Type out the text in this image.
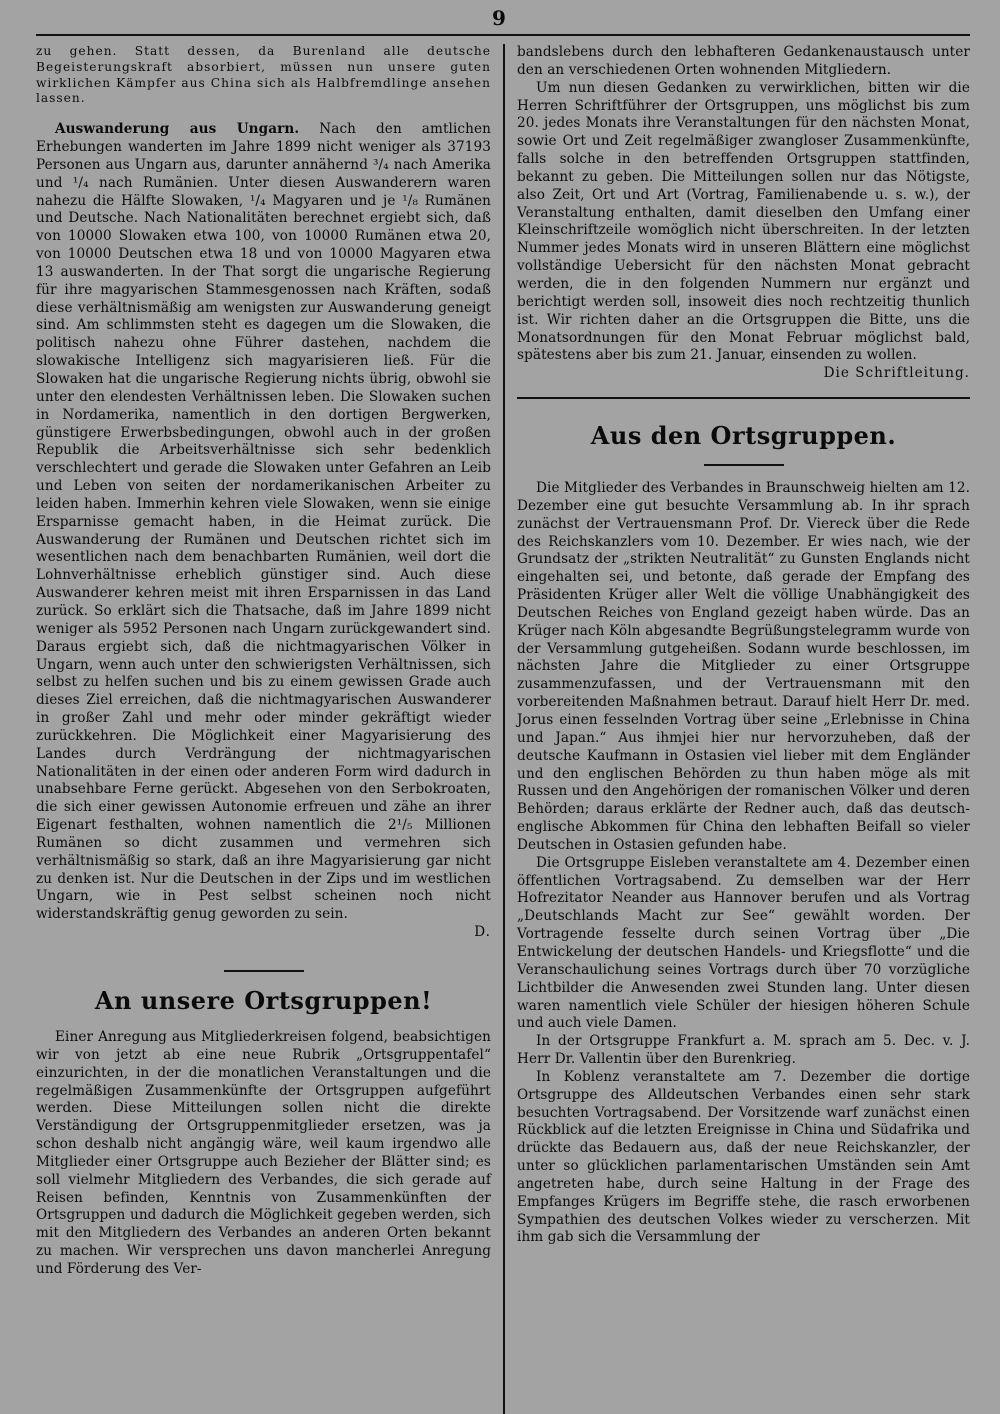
9

zu gehen. Statt dessen, da Burenland alle deutsche Begeisterungskraft absorbiert, müssen nun unsere guten wirklichen Kämpfer aus China sich als Halbfremdlinge ansehen lassen.

Auswanderung aus Ungarn. Nach den amtlichen Erhebungen wanderten im Jahre 1899 nicht weniger als 37193 Personen aus Ungarn aus, darunter annähernd ³/₄ nach Amerika und ¹/₄ nach Rumänien. Unter diesen Auswanderern waren nahezu die Hälfte Slowaken, ¹/₄ Magyaren und je ¹/₈ Rumänen und Deutsche. Nach Nationalitäten berechnet ergiebt sich, daß von 10000 Slowaken etwa 100, von 10000 Rumänen etwa 20, von 10000 Deutschen etwa 18 und von 10000 Magyaren etwa 13 auswanderten. In der That sorgt die ungarische Regierung für ihre magyarischen Stammesgenossen nach Kräften, sodaß diese verhältnismäßig am wenigsten zur Auswanderung geneigt sind. Am schlimmsten steht es dagegen um die Slowaken, die politisch nahezu ohne Führer dastehen, nachdem die slowakische Intelligenz sich magyarisieren ließ. Für die Slowaken hat die ungarische Regierung nichts übrig, obwohl sie unter den elendesten Verhältnissen leben. Die Slowaken suchen in Nordamerika, namentlich in den dortigen Bergwerken, günstigere Erwerbsbedingungen, obwohl auch in der großen Republik die Arbeitsverhältnisse sich sehr bedenklich verschlechtert und gerade die Slowaken unter Gefahren an Leib und Leben von seiten der nordamerikanischen Arbeiter zu leiden haben. Immerhin kehren viele Slowaken, wenn sie einige Ersparnisse gemacht haben, in die Heimat zurück. Die Auswanderung der Rumänen und Deutschen richtet sich im wesentlichen nach dem benachbarten Rumänien, weil dort die Lohnverhältnisse erheblich günstiger sind. Auch diese Auswanderer kehren meist mit ihren Ersparnissen in das Land zurück. So erklärt sich die Thatsache, daß im Jahre 1899 nicht weniger als 5952 Personen nach Ungarn zurückgewandert sind. Daraus ergiebt sich, daß die nichtmagyarischen Völker in Ungarn, wenn auch unter den schwierigsten Verhältnissen, sich selbst zu helfen suchen und bis zu einem gewissen Grade auch dieses Ziel erreichen, daß die nichtmagyarischen Auswanderer in großer Zahl und mehr oder minder gekräftigt wieder zurückkehren. Die Möglichkeit einer Magyarisierung des Landes durch Verdrängung der nichtmagyarischen Nationalitäten in der einen oder anderen Form wird dadurch in unabsehbare Ferne gerückt. Abgesehen von den Serbokroaten, die sich einer gewissen Autonomie erfreuen und zähe an ihrer Eigenart festhalten, wohnen namentlich die 2¹/₅ Millionen Rumänen so dicht zusammen und vermehren sich verhältnismäßig so stark, daß an ihre Magyarisierung gar nicht zu denken ist. Nur die Deutschen in der Zips und im westlichen Ungarn, wie in Pest selbst scheinen noch nicht widerstandskräftig genug geworden zu sein.

D.
An unsere Ortsgruppen!

Einer Anregung aus Mitgliederkreisen folgend, beabsichtigen wir von jetzt ab eine neue Rubrik „Ortsgruppentafel“ einzurichten, in der die monatlichen Veranstaltungen und die regelmäßigen Zusammenkünfte der Ortsgruppen aufgeführt werden. Diese Mitteilungen sollen nicht die direkte Verständigung der Ortsgruppenmitglieder ersetzen, was ja schon deshalb nicht angängig wäre, weil kaum irgendwo alle Mitglieder einer Ortsgruppe auch Bezieher der Blätter sind; es soll vielmehr Mitgliedern des Verbandes, die sich gerade auf Reisen befinden, Kenntnis von Zusammenkünften der Ortsgruppen und dadurch die Möglichkeit gegeben werden, sich mit den Mitgliedern des Verbandes an anderen Orten bekannt zu machen. Wir versprechen uns davon mancherlei Anregung und Förderung des Ver-

bandslebens durch den lebhafteren Gedankenaustausch unter den an verschiedenen Orten wohnenden Mitgliedern.

Um nun diesen Gedanken zu verwirklichen, bitten wir die Herren Schriftführer der Ortsgruppen, uns möglichst bis zum 20. jedes Monats ihre Veranstaltungen für den nächsten Monat, sowie Ort und Zeit regelmäßiger zwangloser Zusammenkünfte, falls solche in den betreffenden Ortsgruppen stattfinden, bekannt zu geben. Die Mitteilungen sollen nur das Nötigste, also Zeit, Ort und Art (Vortrag, Familienabende u. s. w.), der Veranstaltung enthalten, damit dieselben den Umfang einer Kleinschriftzeile womöglich nicht überschreiten. In der letzten Nummer jedes Monats wird in unseren Blättern eine möglichst vollständige Uebersicht für den nächsten Monat gebracht werden, die in den folgenden Nummern nur ergänzt und berichtigt werden soll, insoweit dies noch rechtzeitig thunlich ist. Wir richten daher an die Ortsgruppen die Bitte, uns die Monatsordnungen für den Monat Februar möglichst bald, spätestens aber bis zum 21. Januar, einsenden zu wollen.

Die Schriftleitung.
Aus den Ortsgruppen.

Die Mitglieder des Verbandes in Braunschweig hielten am 12. Dezember eine gut besuchte Versammlung ab. In ihr sprach zunächst der Vertrauensmann Prof. Dr. Viereck über die Rede des Reichskanzlers vom 10. Dezember. Er wies nach, wie der Grundsatz der „strikten Neutralität“ zu Gunsten Englands nicht eingehalten sei, und betonte, daß gerade der Empfang des Präsidenten Krüger aller Welt die völlige Unabhängigkeit des Deutschen Reiches von England gezeigt haben würde. Das an Krüger nach Köln abgesandte Begrüßungstelegramm wurde von der Versammlung gutgeheißen. Sodann wurde beschlossen, im nächsten Jahre die Mitglieder zu einer Ortsgruppe zusammenzufassen, und der Vertrauensmann mit den vorbereitenden Maßnahmen betraut. Darauf hielt Herr Dr. med. Jorus einen fesselnden Vortrag über seine „Erlebnisse in China und Japan.“ Aus ihmjei hier nur hervorzuheben, daß der deutsche Kaufmann in Ostasien viel lieber mit dem Engländer und den englischen Behörden zu thun haben möge als mit Russen und den Angehörigen der romanischen Völker und deren Behörden; daraus erklärte der Redner auch, daß das deutsch-englische Abkommen für China den lebhaften Beifall so vieler Deutschen in Ostasien gefunden habe.

Die Ortsgruppe Eisleben veranstaltete am 4. Dezember einen öffentlichen Vortragsabend. Zu demselben war der Herr Hofrezitator Neander aus Hannover berufen und als Vortrag „Deutschlands Macht zur See“ gewählt worden. Der Vortragende fesselte durch seinen Vortrag über „Die Entwickelung der deutschen Handels- und Kriegsflotte“ und die Veranschaulichung seines Vortrags durch über 70 vorzügliche Lichtbilder die Anwesenden zwei Stunden lang. Unter diesen waren namentlich viele Schüler der hiesigen höheren Schule und auch viele Damen.

In der Ortsgruppe Frankfurt a. M. sprach am 5. Dec. v. J. Herr Dr. Vallentin über den Burenkrieg.

In Koblenz veranstaltete am 7. Dezember die dortige Ortsgruppe des Alldeutschen Verbandes einen sehr stark besuchten Vortragsabend. Der Vorsitzende warf zunächst einen Rückblick auf die letzten Ereignisse in China und Südafrika und drückte das Bedauern aus, daß der neue Reichskanzler, der unter so glücklichen parlamentarischen Umständen sein Amt angetreten habe, durch seine Haltung in der Frage des Empfanges Krügers im Begriffe stehe, die rasch erworbenen Sympathien des deutschen Volkes wieder zu verscherzen. Mit ihm gab sich die Versammlung der
